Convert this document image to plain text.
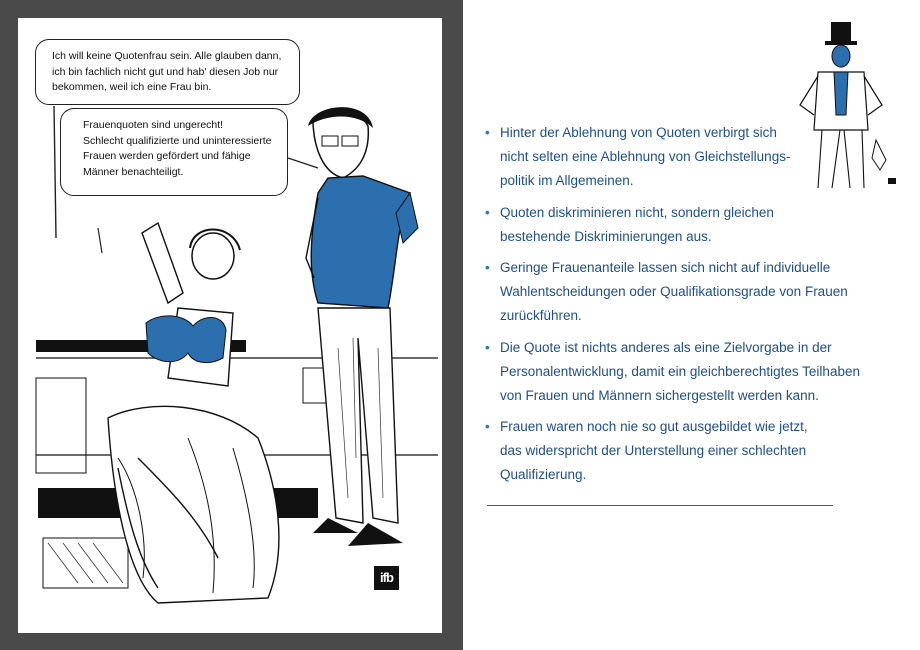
Ich will keine Quotenfrau sein. Alle glauben dann,
ich bin fachlich nicht gut und hab' diesen Job nur
bekommen, weil ich eine Frau bin.
Frauenquoten sind ungerecht!
Schlecht qualifizierte und uninteressierte
Frauen werden gefördert und fähige
Männer benachteiligt.
ifb
• Hinter der Ablehnung von Quoten verbirgt sich
nicht selten eine Ablehnung von Gleichstellungs-
politik im Allgemeinen.
• Quoten diskriminieren nicht, sondern gleichen
bestehende Diskriminierungen aus.
• Geringe Frauenanteile lassen sich nicht auf individuelle
Wahlentscheidungen oder Qualifikationsgrade von Frauen
zurückführen.
• Die Quote ist nichts anderes als eine Zielvorgabe in der
Personalentwicklung, damit ein gleichberechtigtes Teilhaben
von Frauen und Männern sichergestellt werden kann.
• Frauen waren noch nie so gut ausgebildet wie jetzt,
das widerspricht der Unterstellung einer schlechten
Qualifizierung.
